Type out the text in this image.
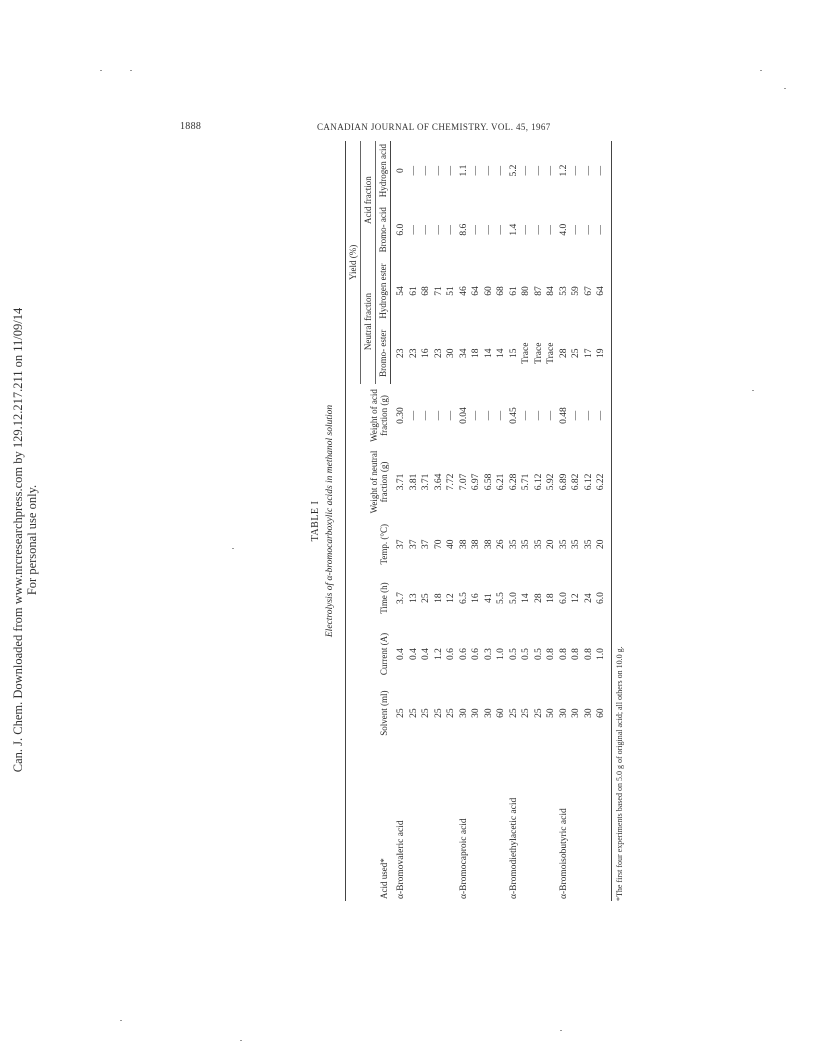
Can. J. Chem. Downloaded from www.nrcresearchpress.com by 129.12.217.211 on 11/09/14 For personal use only.
1888	CANADIAN JOURNAL OF CHEMISTRY. VOL. 45, 1967
TABLE I Electrolysis of α-bromocarboxylic acids in methanol solution
Acid used*	Solvent (ml)	Current (A)	Time (h)	Temp. (°C)	Weight of neutral fraction (g)	Weight of acid fraction (g)	Yield (%)			
							Neutral fraction		Acid fraction	
							Bromo- ester	Hydrogen ester	Bromo- acid	Hydrogen acid
α-Bromovaleric acid	25	0.4	3.7	37	3.71	0.30	23	54	6.0	0
	25	0.4	13	37	3.81	—	23	61	—	—
	25	0.4	25	37	3.71	—	16	68	—	—
	25	1.2	18	70	3.64	—	23	71	—	—
	25	0.6	12	40	7.72	—	30	51	—	—
α-Bromocaproic acid	30	0.6	6.5	38	7.07	0.04	34	46	8.6	1.1
	30	0.6	16	38	6.97	—	18	64	—	—
	30	0.3	41	38	6.58	—	14	60	—	—
	60	1.0	5.5	26	6.21	—	14	68	—	—
α-Bromodiethylacetic acid	25	0.5	5.0	35	6.28	0.45	15	61	1.4	5.2
	25	0.5	14	35	5.71	—	Trace	80	—	—
	25	0.5	28	35	6.12	—	Trace	87	—	—
	50	0.8	18	20	5.92	—	Trace	84	—	—
α-Bromoisobutyric acid	30	0.8	6.0	35	6.89	0.48	28	53	4.0	1.2
	30	0.8	12	35	6.82	—	25	59	—	—
	30	0.8	24	35	6.12	—	17	67	—	—
	60	1.0	6.0	20	6.22	—	19	64	—	—
*The first four experiments based on 5.0 g of original acid; all others on 10.0 g.
